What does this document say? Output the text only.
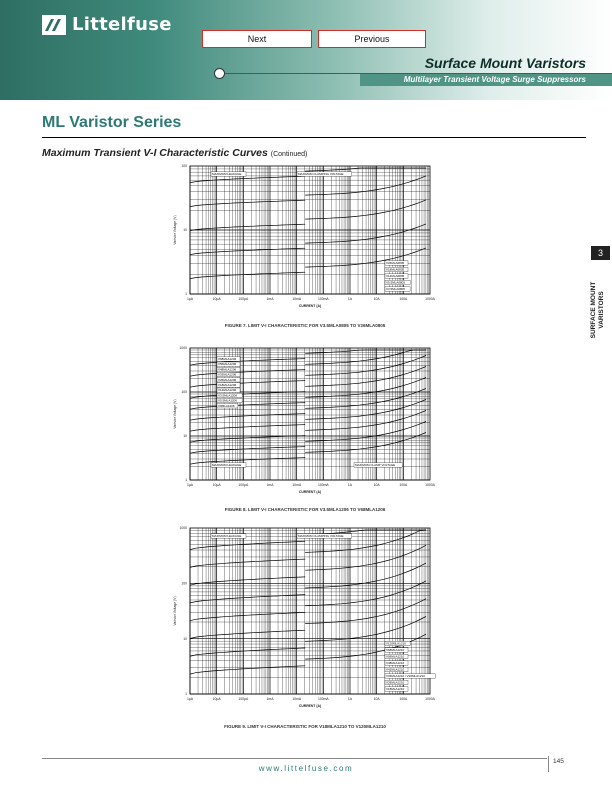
Littelfuse
Next	Previous
Surface Mount Varistors
Multilayer Transient Voltage Surge Suppressors
ML Varistor Series
Maximum Transient V-I Characteristic Curves (Continued)
1μA	10μA	100μA	1mA	10mA	100mA	1A	10A	100A	1000A
1
10
100
CURRENT (A)
Varistor Voltage (V)
V26MLA0805
V18MLA0805
V14MLA0805
V5.5MLA0805
V3.5MLA0805
MAXIMUM LEAKAGE	MAXIMUM CLAMPING VOLTAGE
FIGURE 7. LIMIT V-I CHARACTERISTIC FOR V3.5MLA0805 TO V26MLA0805
1μA	10μA	100μA	1mA	10mA	100mA	1A	10A	100A	1000A
1
10
100
1000
CURRENT (A)
Varistor Voltage (V)
V68MLA1206
V56MLA1206
V48MLA1206
V33MLA1206
V26MLA1206
V18MLA1206
V14MLA1206
V3.5MLA1206
V5.5MLA1206
V9MLA1206
MAXIMUM LEAKAGE	MAXIMUM CLAMP VOLTAGE
FIGURE 8. LIMIT V-I CHARACTERISTIC FOR V3.5MLA1206 TO V68MLA1206
1μA	10μA	100μA	1mA	10mA	100mA	1A	10A	100A	1000A
1
10
100
1000
CURRENT (A)
Varistor Voltage (V)
V120MLA1210
V68MLA1210
V56MLA1210
V48MLA1210
V42MLA1210
V33MLA1210 / V26MLA1210
V26MLA1210
V18MLA1210
MAXIMUM LEAKAGE	MAXIMUM CLAMPING VOLTAGE
FIGURE 9. LIMIT V-I CHARACTERISTIC FOR V18MLA1210 TO V120MLA1210
3
SURFACE MOUNT
VARISTORS
145
www.littelfuse.com
